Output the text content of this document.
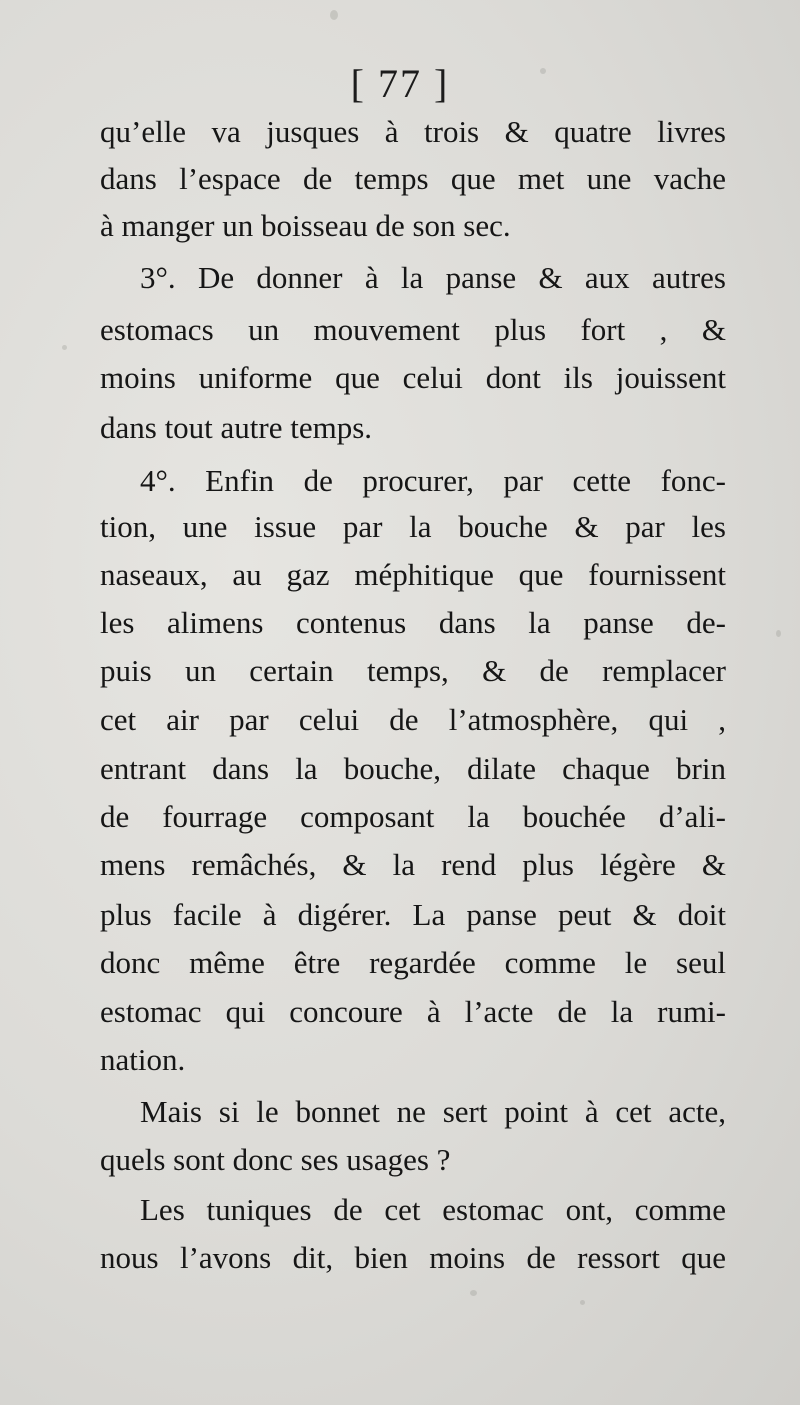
[ 77 ]
qu’elle va jusques à trois & quatre livres
dans l’espace de temps que met une vache
à manger un boisseau de son sec.
3°. De donner à la panse & aux autres
estomacs un mouvement plus fort , &
moins uniforme que celui dont ils jouissent
dans tout autre temps.
4°. Enfin de procurer, par cette fonc-
tion, une issue par la bouche & par les
naseaux, au gaz méphitique que fournissent
les alimens contenus dans la panse de-
puis un certain temps, & de remplacer
cet air par celui de l’atmosphère, qui ,
entrant dans la bouche, dilate chaque brin
de fourrage composant la bouchée d’ali-
mens remâchés, & la rend plus légère &
plus facile à digérer. La panse peut & doit
donc même être regardée comme le seul
estomac qui concoure à l’acte de la rumi-
nation.
Mais si le bonnet ne sert point à cet acte,
quels sont donc ses usages ?
Les tuniques de cet estomac ont, comme
nous l’avons dit, bien moins de ressort que
